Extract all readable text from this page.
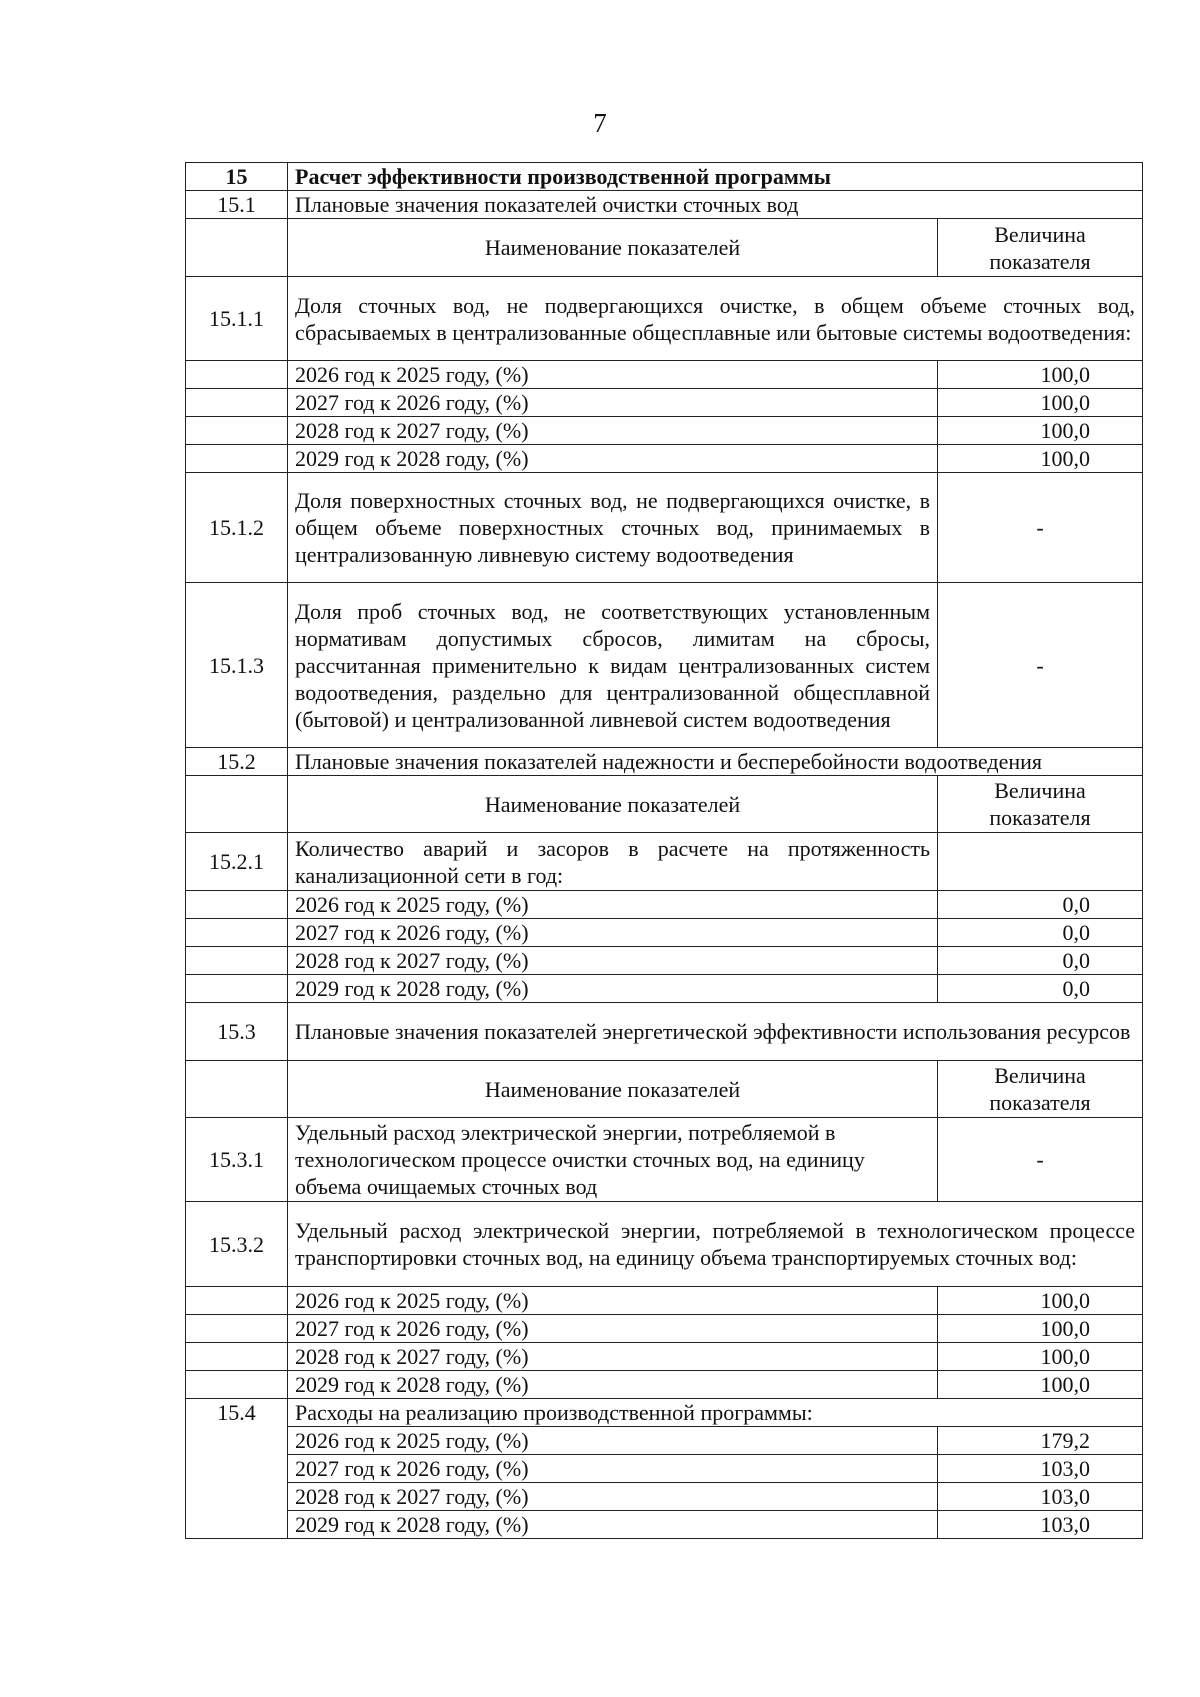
7
15	Расчет эффективности производственной программы	
15.1	Плановые значения показателей очистки сточных вод	
	Наименование показателей	Величина показателя
15.1.1	Доля сточных вод, не подвергающихся очистке, в общем объеме сточных вод, сбрасываемых в централизованные общесплавные или бытовые системы водоотведения:	
	2026 год к 2025 году, (%)	100,0
	2027 год к 2026 году, (%)	100,0
	2028 год к 2027 году, (%)	100,0
	2029 год к 2028 году, (%)	100,0
15.1.2	Доля поверхностных сточных вод, не подвергающихся очистке, в общем объеме поверхностных сточных вод, принимаемых в централизованную ливневую систему водоотведения	-
15.1.3	Доля проб сточных вод, не соответствующих установленным нормативам допустимых сбросов, лимитам на сбросы, рассчитанная применительно к видам централизованных систем водоотведения, раздельно для централизованной общесплавной (бытовой) и централизованной ливневой систем водоотведения	-
15.2	Плановые значения показателей надежности и бесперебойности водоотведения	
	Наименование показателей	Величина показателя
15.2.1	Количество аварий и засоров в расчете на протяженность канализационной сети в год:	
	2026 год к 2025 году, (%)	0,0
	2027 год к 2026 году, (%)	0,0
	2028 год к 2027 году, (%)	0,0
	2029 год к 2028 году, (%)	0,0
15.3	Плановые значения показателей энергетической эффективности использования ресурсов	
	Наименование показателей	Величина показателя
15.3.1	Удельный расход электрической энергии, потребляемой в технологическом процессе очистки сточных вод, на единицу объема очищаемых сточных вод	-
15.3.2	Удельный расход электрической энергии, потребляемой в технологическом процессе транспортировки сточных вод, на единицу объема транспортируемых сточных вод:	
	2026 год к 2025 году, (%)	100,0
	2027 год к 2026 году, (%)	100,0
	2028 год к 2027 году, (%)	100,0
	2029 год к 2028 году, (%)	100,0
15.4	Расходы на реализацию производственной программы:	
	2026 год к 2025 году, (%)	179,2
	2027 год к 2026 году, (%)	103,0
	2028 год к 2027 году, (%)	103,0
	2029 год к 2028 году, (%)	103,0
